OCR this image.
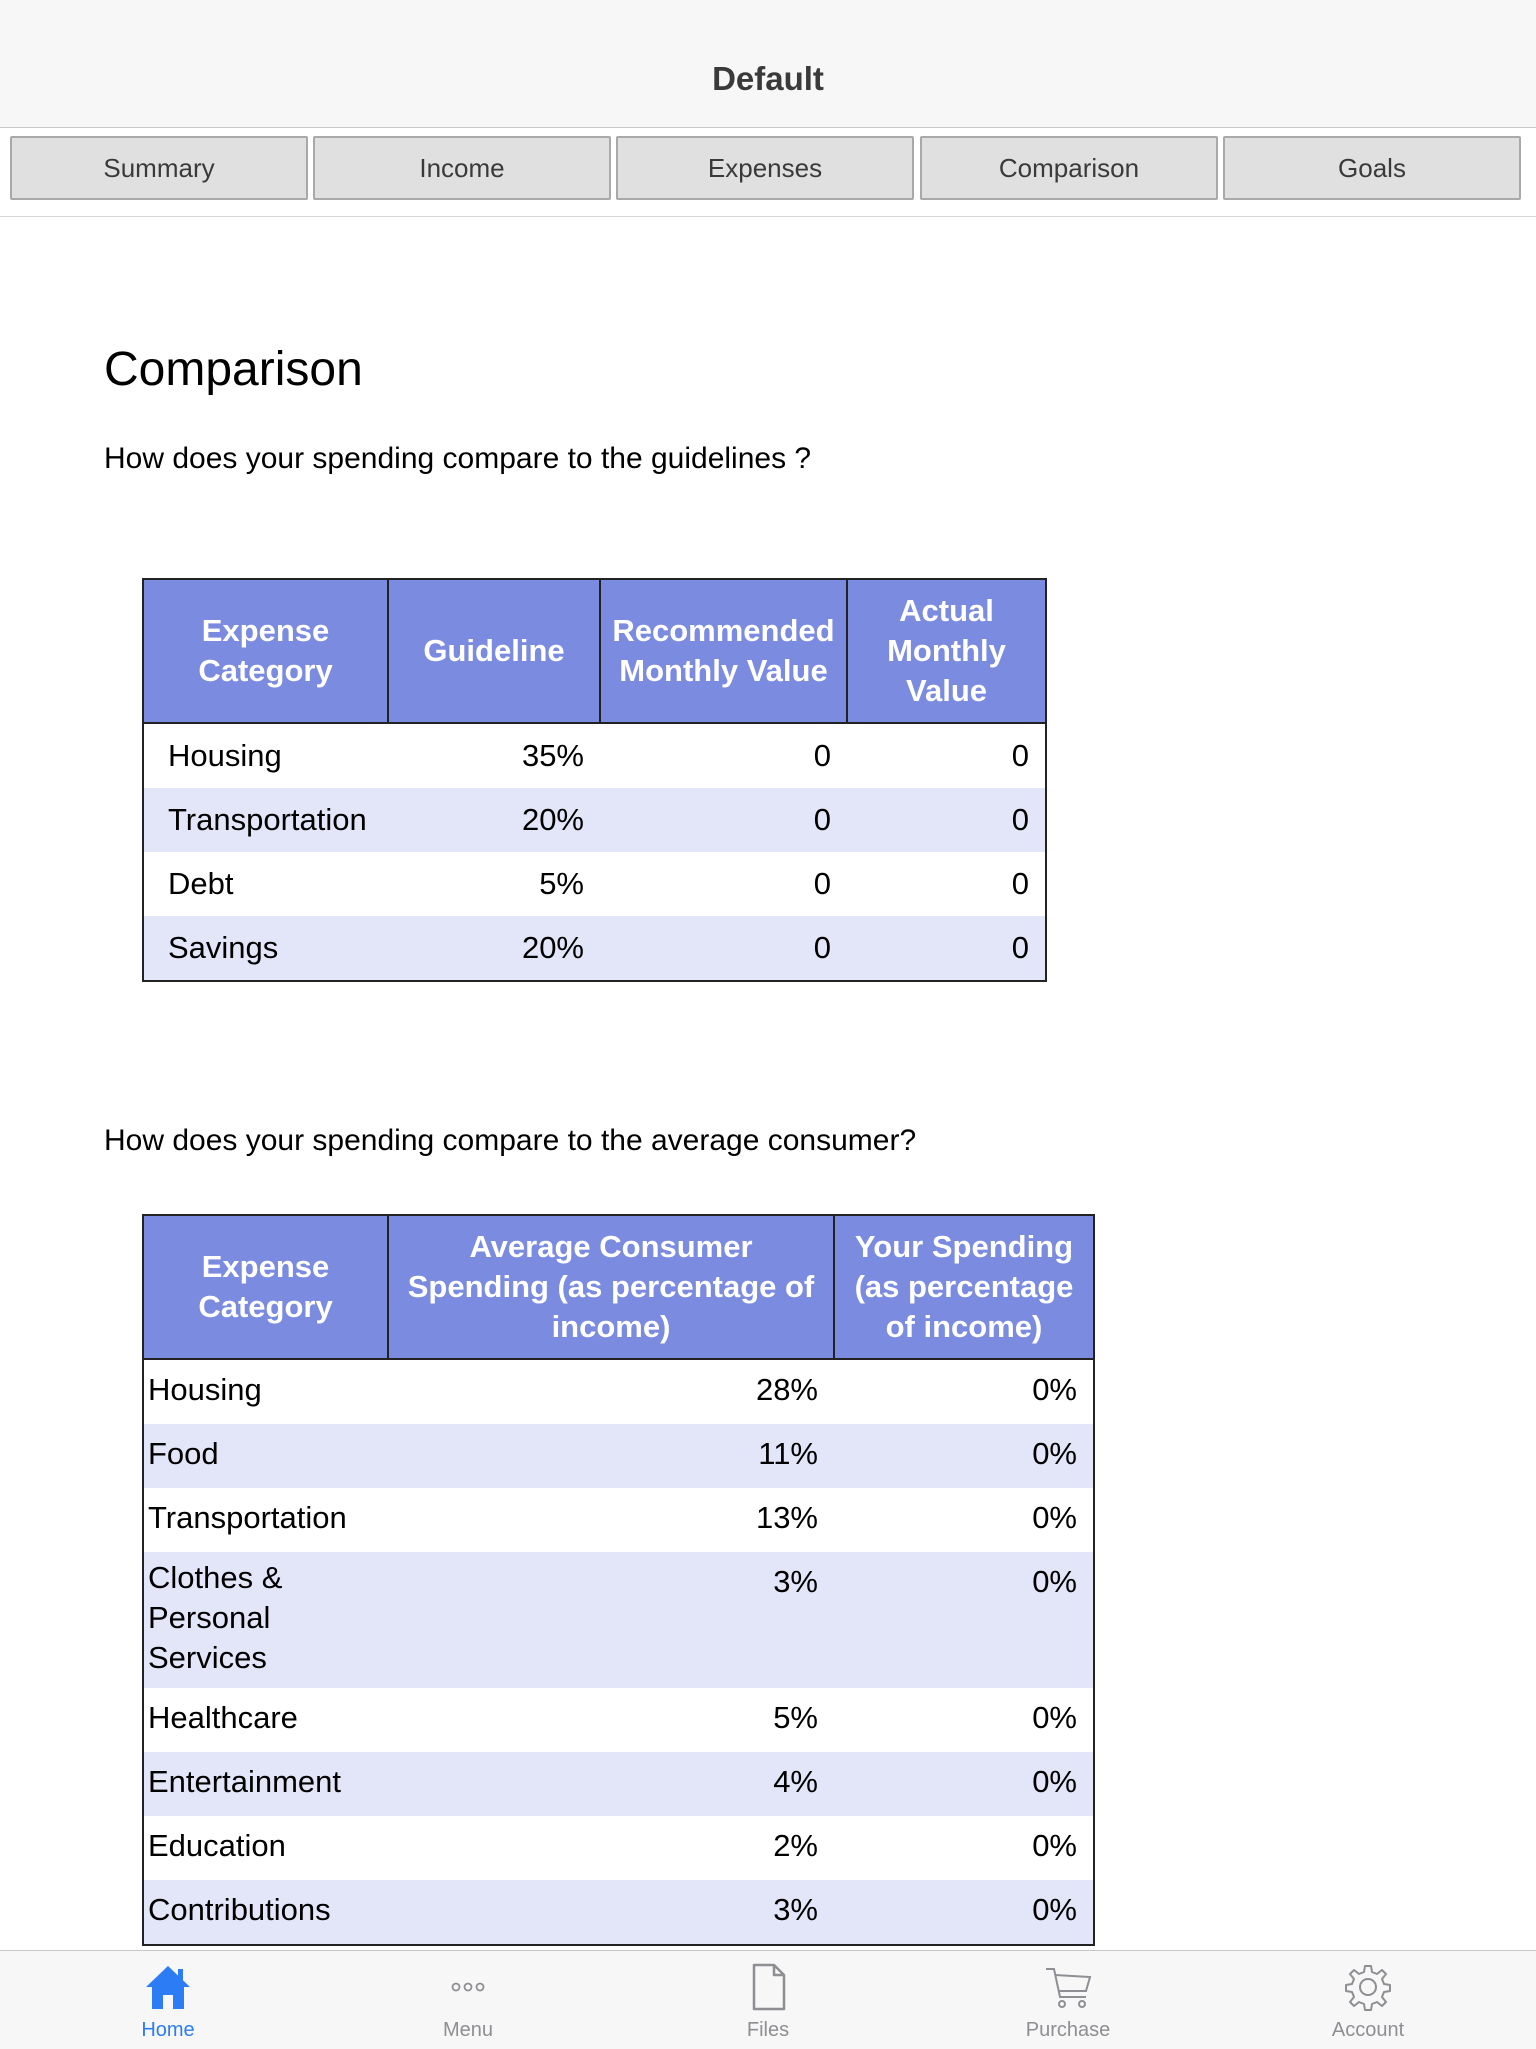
Default
Summary	Income	Expenses	Comparison	Goals
Comparison

How does your spending compare to the guidelines ?

Expense Category	Guideline	Recommended Monthly Value	Actual Monthly Value
Housing	35%	0	0
Transportation	20%	0	0
Debt	5%	0	0
Savings	20%	0	0

How does your spending compare to the average consumer?

Expense Category	Average Consumer Spending (as percentage of income)	Your Spending (as percentage of income)
Housing	28%	0%
Food	11%	0%
Transportation	13%	0%
Clothes & Personal Services	3%	0%
Healthcare	5%	0%
Entertainment	4%	0%
Education	2%	0%
Contributions	3%	0%
Home	Menu	Files	Purchase	Account
